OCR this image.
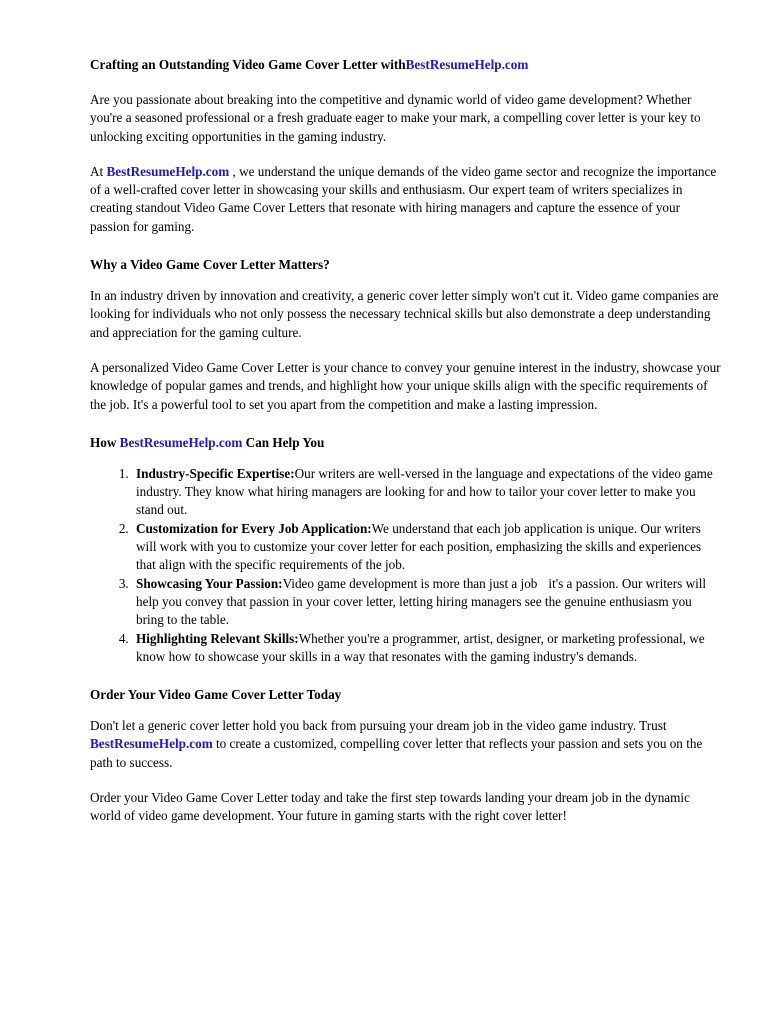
Crafting an Outstanding Video Game Cover Letter withBestResumeHelp.com

Are you passionate about breaking into the competitive and dynamic world of video game development? Whether you're a seasoned professional or a fresh graduate eager to make your mark, a compelling cover letter is your key to unlocking exciting opportunities in the gaming industry.

At BestResumeHelp.com , we understand the unique demands of the video game sector and recognize the importance of a well-crafted cover letter in showcasing your skills and enthusiasm. Our expert team of writers specializes in creating standout Video Game Cover Letters that resonate with hiring managers and capture the essence of your passion for gaming.

Why a Video Game Cover Letter Matters?

In an industry driven by innovation and creativity, a generic cover letter simply won't cut it. Video game companies are looking for individuals who not only possess the necessary technical skills but also demonstrate a deep understanding and appreciation for the gaming culture.

A personalized Video Game Cover Letter is your chance to convey your genuine interest in the industry, showcase your knowledge of popular games and trends, and highlight how your unique skills align with the specific requirements of the job. It's a powerful tool to set you apart from the competition and make a lasting impression.

How BestResumeHelp.com Can Help You
1. Industry-Specific Expertise:Our writers are well-versed in the language and expectations of the video game industry. They know what hiring managers are looking for and how to tailor your cover letter to make you stand out.
2. Customization for Every Job Application:We understand that each job application is unique. Our writers will work with you to customize your cover letter for each position, emphasizing the skills and experiences that align with the specific requirements of the job.
3. Showcasing Your Passion:Video game development is more than just a job it's a passion. Our writers will help you convey that passion in your cover letter, letting hiring managers see the genuine enthusiasm you bring to the table.
4. Highlighting Relevant Skills:Whether you're a programmer, artist, designer, or marketing professional, we know how to showcase your skills in a way that resonates with the gaming industry's demands.
Order Your Video Game Cover Letter Today

Don't let a generic cover letter hold you back from pursuing your dream job in the video game industry. Trust BestResumeHelp.com to create a customized, compelling cover letter that reflects your passion and sets you on the path to success.

Order your Video Game Cover Letter today and take the first step towards landing your dream job in the dynamic world of video game development. Your future in gaming starts with the right cover letter!
